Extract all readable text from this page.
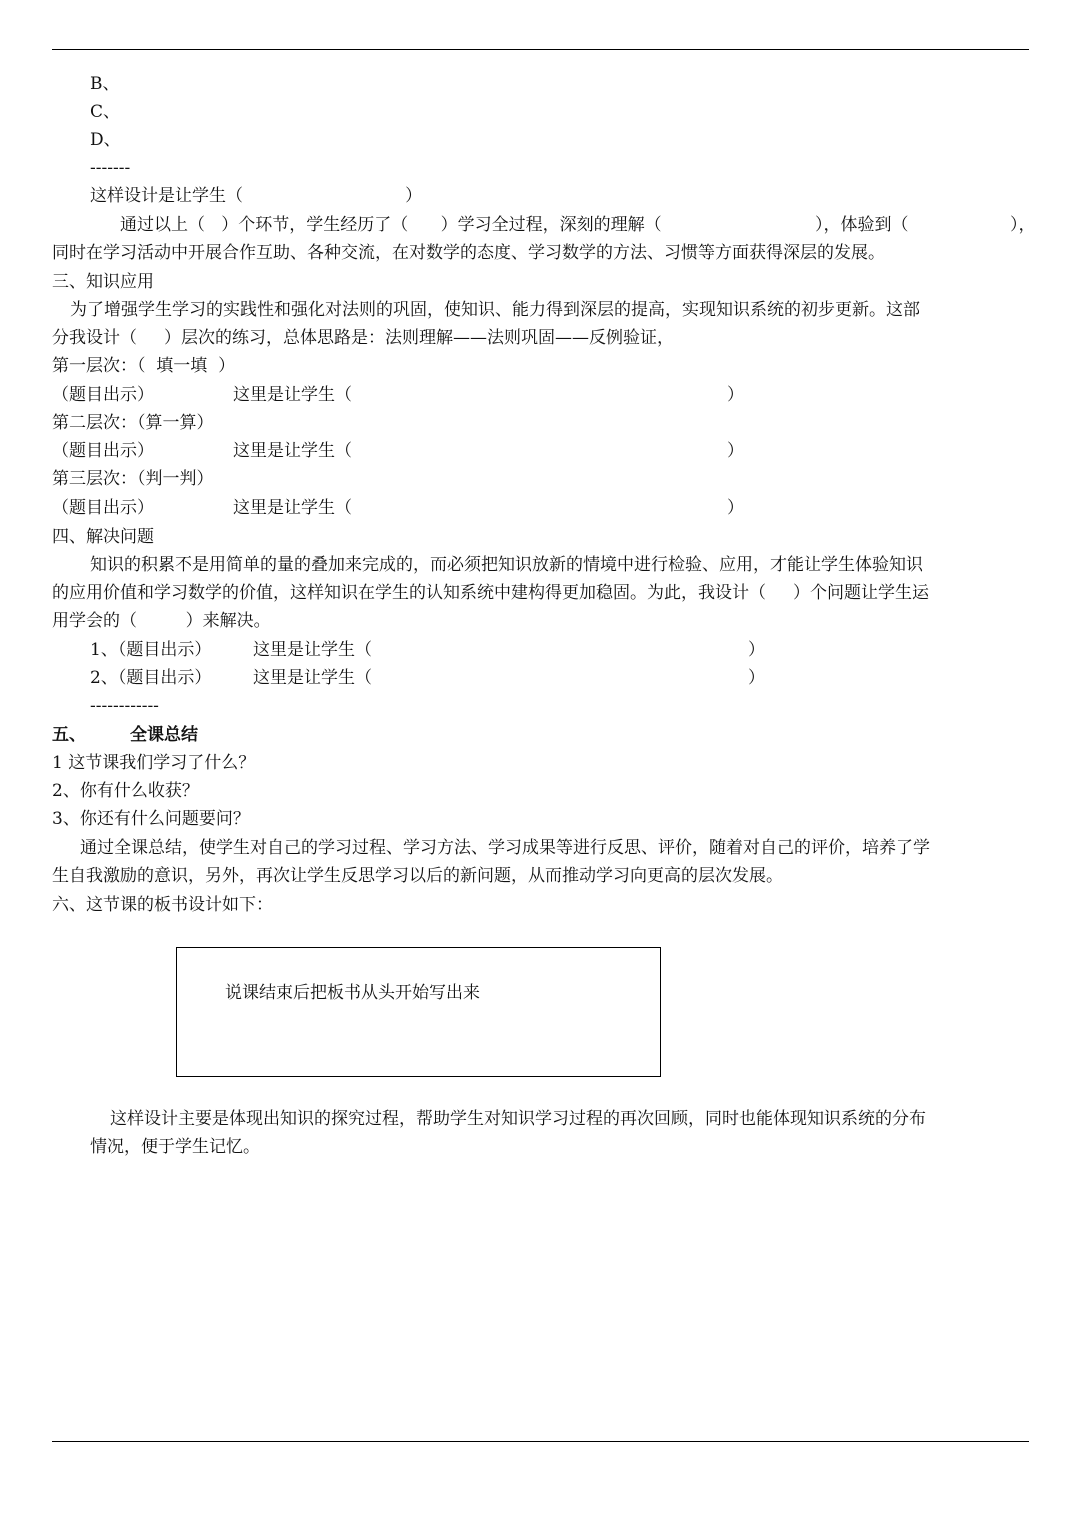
B、
C、
D、
-------
这样设计是让学生（                              ）
通过以上（   ）个环节，学生经历了（      ）学习全过程，深刻的理解（	），体验到（	），
同时在学习活动中开展合作互助、各种交流，在对数学的态度、学习数学的方法、习惯等方面获得深层的发展。
三、知识应用
为了增强学生学习的实践性和强化对法则的巩固，使知识、能力得到深层的提高，实现知识系统的初步更新。这部
分我设计（     ）层次的练习，总体思路是：法则理解——法则巩固——反例验证，
第一层次：（  填一填  ）
（题目出示）	这里是让学生（	）
第二层次：（算一算）
（题目出示）	这里是让学生（	）
第三层次：（判一判）
（题目出示）	这里是让学生（	）
四、解决问题
知识的积累不是用简单的量的叠加来完成的，而必须把知识放新的情境中进行检验、应用，才能让学生体验知识
的应用价值和学习数学的价值，这样知识在学生的认知系统中建构得更加稳固。为此，我设计（     ）个问题让学生运
用学会的（         ）来解决。
1、（题目出示） 这里是让学生（	）
2、（题目出示） 这里是让学生（	）
------------
五、	全课总结
1 这节课我们学习了什么？
2、你有什么收获？
3、你还有什么问题要问？
通过全课总结，使学生对自己的学习过程、学习方法、学习成果等进行反思、评价，随着对自己的评价，培养了学
生自我激励的意识，另外，再次让学生反思学习以后的新问题，从而推动学习向更高的层次发展。
六、这节课的板书设计如下：
说课结束后把板书从头开始写出来
这样设计主要是体现出知识的探究过程，帮助学生对知识学习过程的再次回顾，同时也能体现知识系统的分布
情况，便于学生记忆。
